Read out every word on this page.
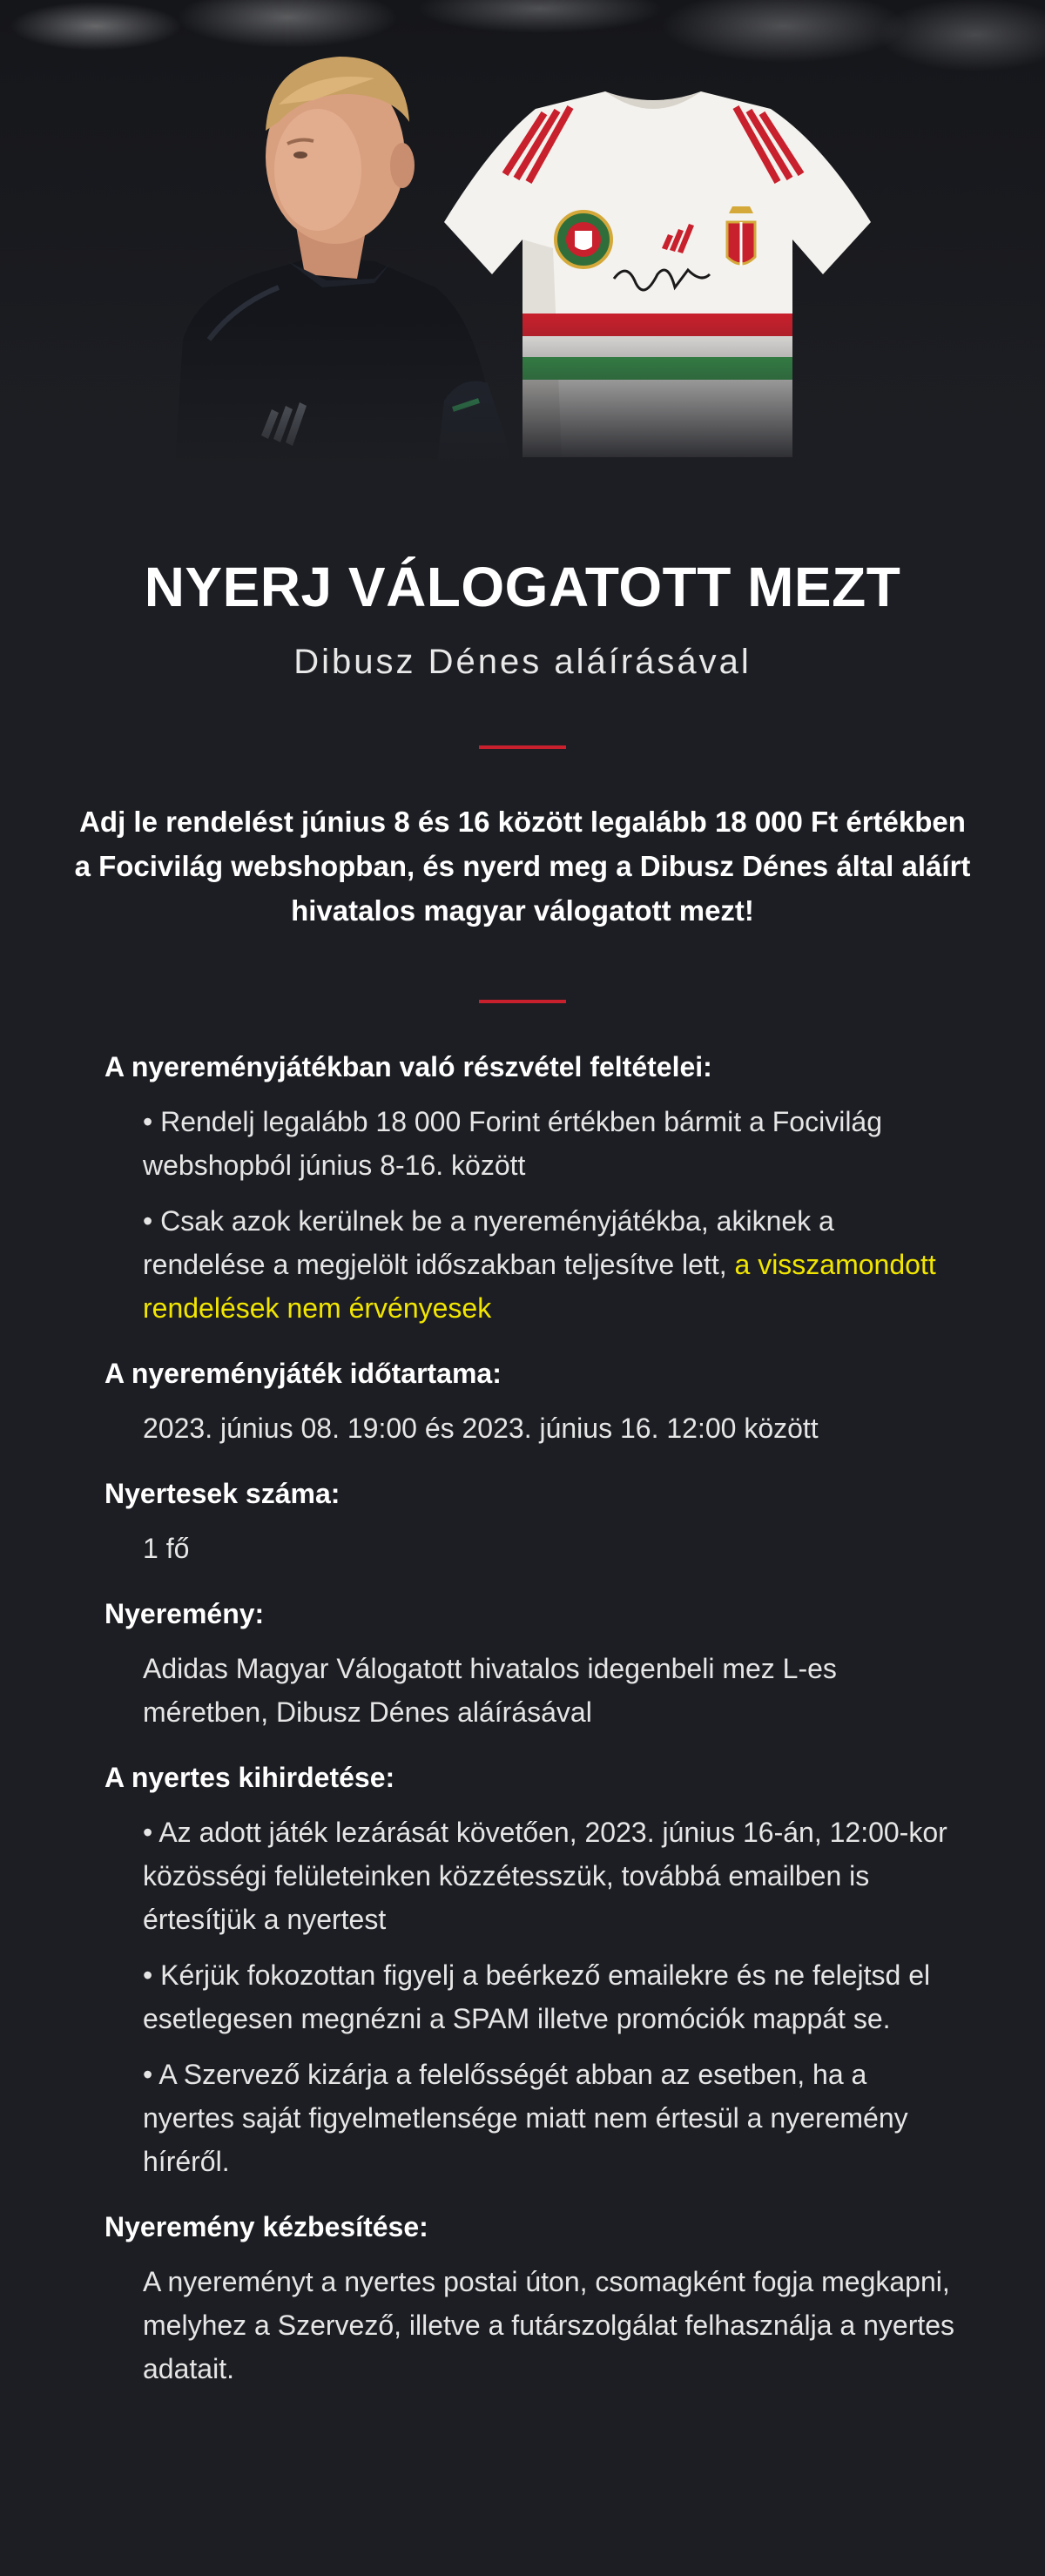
NYERJ VÁLOGATOTT MEZT
Dibusz Dénes aláírásával
Adj le rendelést június 8 és 16 között legalább 18 000 Ft értékben a Focivilág webshopban, és nyerd meg a Dibusz Dénes által aláírt hivatalos magyar válogatott mezt!
A nyereményjátékban való részvétel feltételei:

• Rendelj legalább 18 000 Forint értékben bármit a Focivilág webshopból június 8-16. között

• Csak azok kerülnek be a nyereményjátékba, akiknek a rendelése a megjelölt időszakban teljesítve lett, a visszamondott rendelések nem érvényesek

A nyereményjáték időtartama:

2023. június 08. 19:00 és 2023. június 16. 12:00 között

Nyertesek száma:

1 fő

Nyeremény:

Adidas Magyar Válogatott hivatalos idegenbeli mez L-es méretben, Dibusz Dénes aláírásával

A nyertes kihirdetése:

• Az adott játék lezárását követően, 2023. június 16-án, 12:00-kor közösségi felületeinken közzétesszük, továbbá emailben is értesítjük a nyertest

• Kérjük fokozottan figyelj a beérkező emailekre és ne felejtsd el esetlegesen megnézni a SPAM illetve promóciók mappát se.

• A Szervező kizárja a felelősségét abban az esetben, ha a nyertes saját figyelmetlensége miatt nem értesül a nyeremény híréről.

Nyeremény kézbesítése:

A nyereményt a nyertes postai úton, csomagként fogja megkapni, melyhez a Szervező, illetve a futárszolgálat felhasználja a nyertes adatait.
